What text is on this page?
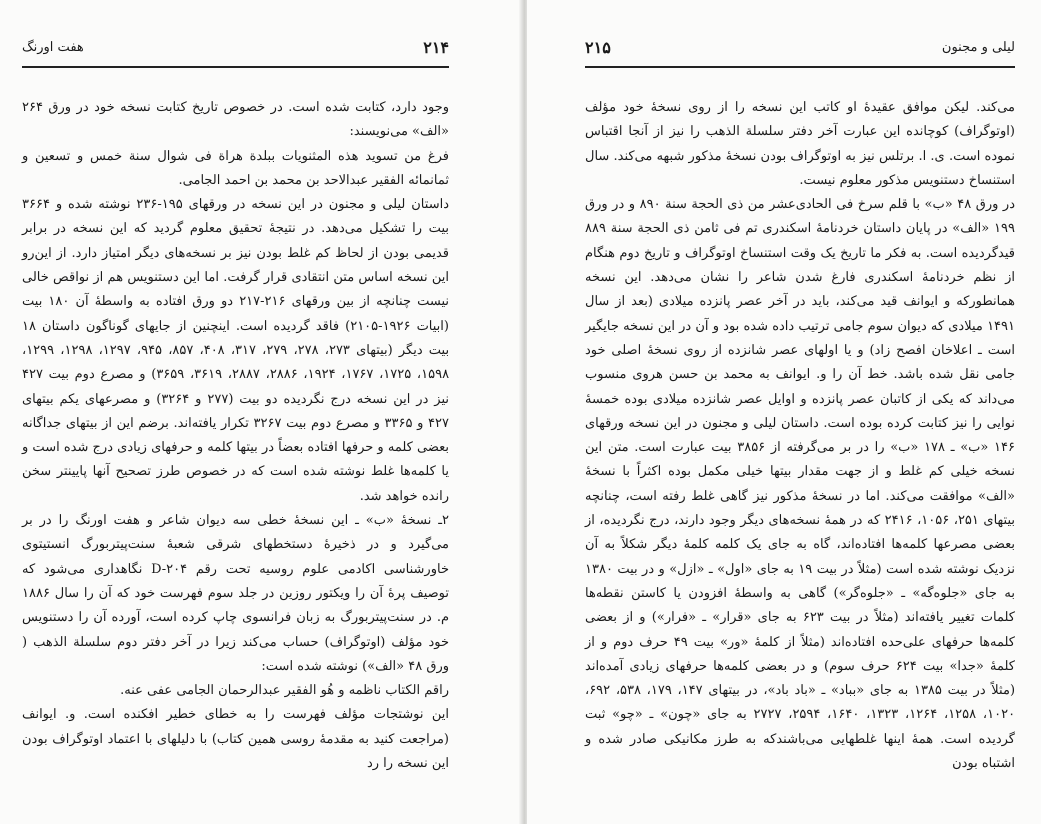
هفت اورنگ	۲۱۴

وجود دارد، کتابت شده است. در خصوص تاریخ کتابت نسخه خود در ورق ۲۶۴ «الف» می‌نویسند:

فرغ من تسوید هذه المثنویات ببلدة هراة فی شوال سنة خمس و تسعین و ثمانمائه الفقیر عبدالاحد بن محمد بن احمد الجامی.

داستان لیلی و مجنون در این نسخه در ورقهای ۱۹۵-۲۳۶ نوشته شده و ۳۶۶۴ بیت را تشکیل می‌دهد. در نتیجهٔ تحقیق معلوم گردید که این نسخه در برابر قدیمی بودن از لحاظ کم غلط بودن نیز بر نسخه‌های دیگر امتیاز دارد. از این‌رو این نسخه اساس متن انتقادی قرار گرفت. اما این دستنویس هم از نواقص خالی نیست چنانچه از بین ورقهای ۲۱۶-۲۱۷ دو ورق افتاده به واسطهٔ آن ۱۸۰ بیت (ابیات ۱۹۲۶-۲۱۰۵) فاقد گردیده است. اینچنین از جایهای گوناگون داستان ۱۸ بیت دیگر (بیتهای ۲۷۳، ۲۷۸، ۲۷۹، ۳۱۷، ۴۰۸، ۸۵۷، ۹۴۵، ۱۲۹۷، ۱۲۹۸، ۱۲۹۹، ۱۵۹۸، ۱۷۲۵، ۱۷۶۷، ۱۹۲۴، ۲۸۸۶، ۲۸۸۷، ۳۶۱۹، ۳۶۵۹) و مصرع دوم بیت ۴۲۷ نیز در این نسخه درج نگردیده دو بیت (۲۷۷ و ۳۲۶۴) و مصرعهای یکم بیتهای ۴۲۷ و ۳۳۶۵ و مصرع دوم بیت ۳۲۶۷ تکرار یافته‌اند. برضم این از بیتهای جداگانه بعضی کلمه و حرفها افتاده بعضاً در بیتها کلمه و حرفهای زیادی درج شده است و یا کلمه‌ها غلط نوشته شده است که در خصوص طرز تصحیح آنها پایینتر سخن رانده خواهد شد.

۲ـ نسخهٔ «ب» ـ این نسخهٔ خطی سه دیوان شاعر و هفت اورنگ را در بر می‌گیرد و در ذخیرهٔ دستخطهای شرقی شعبهٔ سنت‌پیتربورگ انستیتوی خاورشناسی اکادمی علوم روسیه تحت رقم D-۲۰۴ نگاهداری می‌شود که توصیف پرهٔ آن را ویکتور روزین در جلد سوم فهرست خود که آن را سال ۱۸۸۶ م. در سنت‌پیتربورگ به زبان فرانسوی چاپ کرده است، آورده آن را دستنویس خود مؤلف (اوتوگراف) حساب می‌کند زیرا در آخر دفتر دوم سلسلة الذهب ( ورق ۴۸ «الف») نوشته شده است:

راقم الکتاب ناظمه و هُو الفقیر عبدالرحمان الجامی عفی عنه.

این نوشتجات مؤلف فهرست را به خطای خطیر افکنده است. و. ایوانف (مراجعت کنید به مقدمهٔ روسی همین کتاب) با دلیلهای با اعتماد اوتوگراف بودن این نسخه را رد

لیلی و مجنون
۲۱۵

می‌کند. لیکن موافق عقیدهٔ او کاتب این نسخه را از روی نسخهٔ خود مؤلف (اوتوگراف) کوچانده این عبارت آخر دفتر سلسلة الذهب را نیز از آنجا اقتباس نموده است. ی. ا. برتلس نیز به اوتوگراف بودن نسخهٔ مذکور شبهه می‌کند. سال استنساخ دستنویس مذکور معلوم نیست.

در ورق ۴۸ «ب» با قلم سرخ فی الحادی‌عشر من ذی الحجة سنة ۸۹۰ و در ورق ۱۹۹ «الف» در پایان داستان خردنامهٔ اسکندری تم فی ثامن ذی الحجة سنة ۸۸۹ قیدگردیده است. به فکر ما تاریخ یک وقت استنساخ اوتوگراف و تاریخ دوم هنگام از نظم خردنامهٔ اسکندری فارغ شدن شاعر را نشان می‌دهد. این نسخه همانطورکه و ایوانف قید می‌کند، باید در آخر عصر پانزده میلادی (بعد از سال ۱۴۹۱ میلادی که دیوان سوم جامی ترتیب داده شده بود و آن در این نسخه جایگیر است ـ اعلاخان افصح زاد) و یا اولهای عصر شانزده از روی نسخهٔ اصلی خود جامی نقل شده باشد. خط آن را و. ایوانف به محمد بن حسن هروی منسوب می‌داند که یکی از کاتبان عصر پانزده و اوایل عصر شانزده میلادی بوده خمسهٔ نوایی را نیز کتابت کرده بوده است. داستان لیلی و مجنون در این نسخه ورقهای ۱۴۶ «ب» ـ ۱۷۸ «ب» را در بر می‌گرفته از ۳۸۵۶ بیت عبارت است. متن این نسخه خیلی کم غلط و از جهت مقدار بیتها خیلی مکمل بوده اکثراً با نسخهٔ «الف» موافقت می‌کند. اما در نسخهٔ مذکور نیز گاهی غلط رفته است، چنانچه بیتهای ۲۵۱، ۱۰۵۶، ۲۴۱۶ که در همهٔ نسخه‌های دیگر وجود دارند، درج نگردیده، از بعضی مصرعها کلمه‌ها افتاده‌اند، گاه به جای یک کلمه کلمهٔ دیگر شکلاً به آن نزدیک نوشته شده است (مثلاً در بیت ۱۹ به جای «اول» ـ «ازل» و در بیت ۱۳۸۰ به جای «جلوه‌گه» ـ «جلوه‌گر») گاهی به واسطهٔ افزودن یا کاستن نقطه‌ها کلمات تغییر یافته‌اند (مثلاً در بیت ۶۲۳ به جای «قرار» ـ «فرار») و از بعضی کلمه‌ها حرفهای علی‌حده افتاده‌اند (مثلاً از کلمهٔ «ور» بیت ۴۹ حرف دوم و از کلمهٔ «جدا» بیت ۶۲۴ حرف سوم) و در بعضی کلمه‌ها حرفهای زیادی آمده‌اند (مثلاً در بیت ۱۳۸۵ به جای «بباد» ـ «باد باد»، در بیتهای ۱۴۷، ۱۷۹، ۵۳۸، ۶۹۲، ۱۰۲۰، ۱۲۵۸، ۱۲۶۴، ۱۳۲۳، ۱۶۴۰، ۲۵۹۴، ۲۷۲۷ به جای «چون» ـ «چو» ثبت گردیده است. همهٔ اینها غلطهایی می‌باشندکه به طرز مکانیکی صادر شده و اشتباه بودن
